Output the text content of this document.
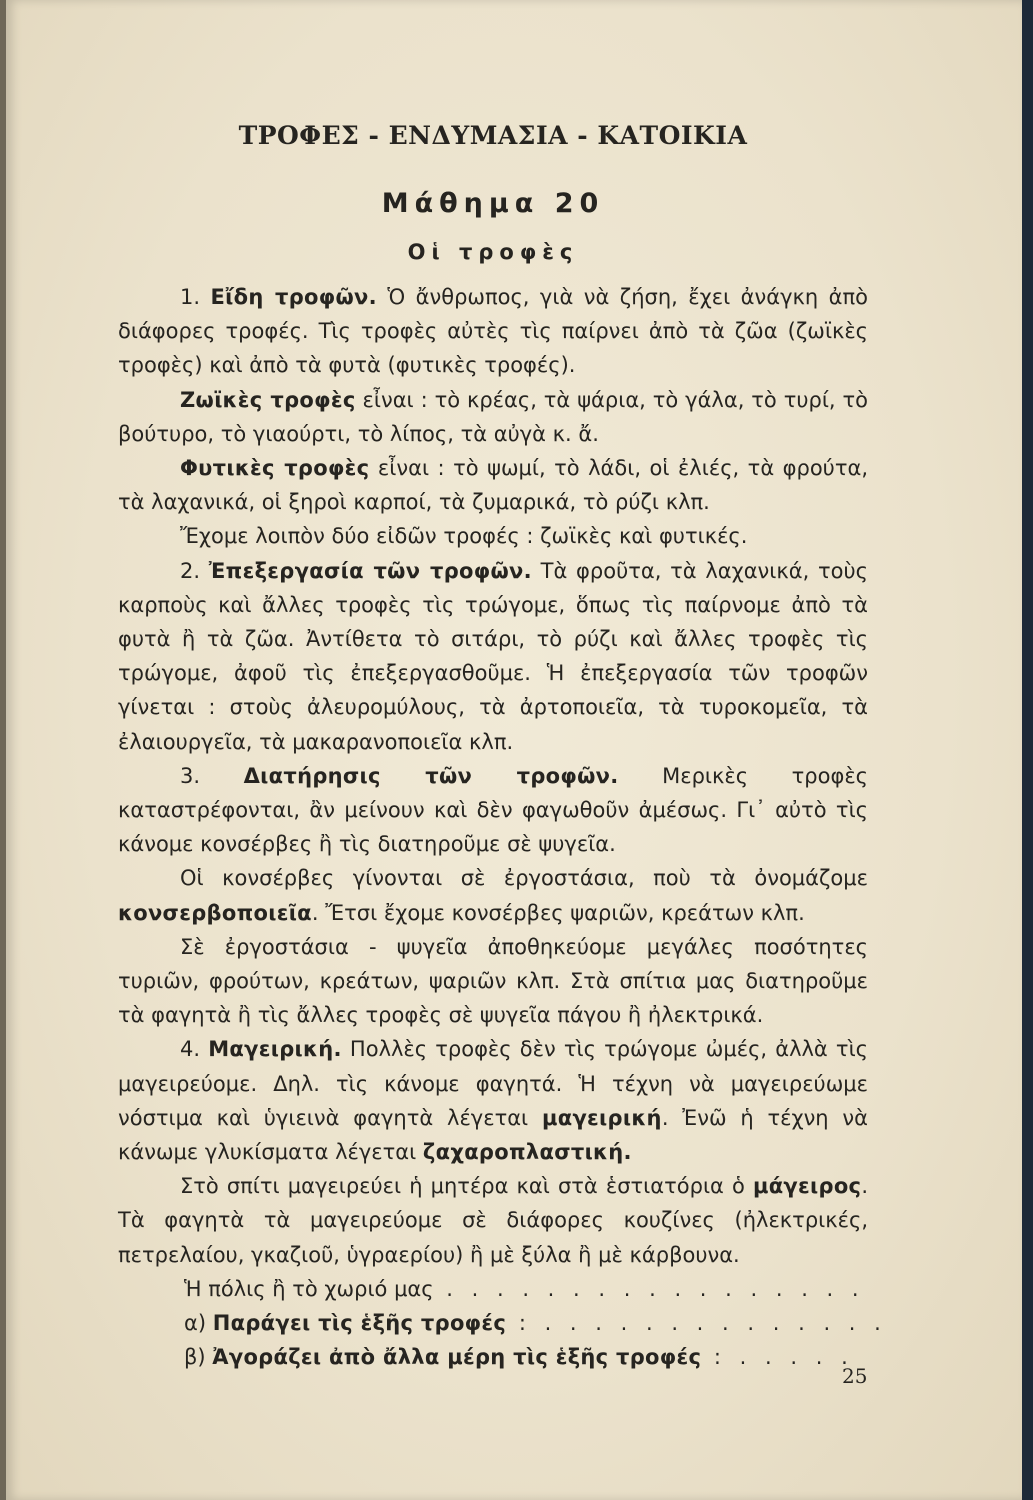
ΤΡΟΦΕΣ - ΕΝΔΥΜΑΣΙΑ - ΚΑΤΟΙΚΙΑ
Μάθημα 20
Οἱ τροφὲς

1. Εἴδη τροφῶν. Ὁ ἄνθρωπος, γιὰ νὰ ζήση, ἔχει ἀνάγκη ἀπὸ διάφορες τροφές. Τὶς τροφὲς αὐτὲς τὶς παίρνει ἀπὸ τὰ ζῶα (ζωϊκὲς τροφὲς) καὶ ἀπὸ τὰ φυτὰ (φυτικὲς τροφές).

Ζωϊκὲς τροφὲς εἶναι : τὸ κρέας, τὰ ψάρια, τὸ γάλα, τὸ τυρί, τὸ βούτυρο, τὸ γιαούρτι, τὸ λίπος, τὰ αὐγὰ κ. ἄ.

Φυτικὲς τροφὲς εἶναι : τὸ ψωμί, τὸ λάδι, οἱ ἐλιές, τὰ φρούτα, τὰ λαχανικά, οἱ ξηροὶ καρποί, τὰ ζυμαρικά, τὸ ρύζι κλπ.

Ἔχομε λοιπὸν δύο εἰδῶν τροφές : ζωϊκὲς καὶ φυτικές.

2. Ἐπεξεργασία τῶν τροφῶν. Τὰ φροῦτα, τὰ λαχανικά, τοὺς καρποὺς καὶ ἄλλες τροφὲς τὶς τρώγομε, ὅπως τὶς παίρνομε ἀπὸ τὰ φυτὰ ἢ τὰ ζῶα. Ἀντίθετα τὸ σιτάρι, τὸ ρύζι καὶ ἄλλες τροφὲς τὶς τρώγομε, ἀφοῦ τὶς ἐπεξεργασθοῦμε. Ἡ ἐπεξεργασία τῶν τροφῶν γίνεται : στοὺς ἀλευρομύλους, τὰ ἀρτοποιεῖα, τὰ τυροκομεῖα, τὰ ἐλαιουργεῖα, τὰ μακαρανοποιεῖα κλπ.

3. Διατήρησις τῶν τροφῶν. Μερικὲς τροφὲς καταστρέφονται, ἂν μείνουν καὶ δὲν φαγωθοῦν ἀμέσως. Γι᾽ αὐτὸ τὶς κάνομε κονσέρβες ἢ τὶς διατηροῦμε σὲ ψυγεῖα.

Οἱ κονσέρβες γίνονται σὲ ἐργοστάσια, ποὺ τὰ ὀνομάζομε κονσερβοποιεῖα. Ἔτσι ἔχομε κονσέρβες ψαριῶν, κρεάτων κλπ.

Σὲ ἐργοστάσια - ψυγεῖα ἀποθηκεύομε μεγάλες ποσότητες τυριῶν, φρούτων, κρεάτων, ψαριῶν κλπ. Στὰ σπίτια μας διατηροῦμε τὰ φαγητὰ ἢ τὶς ἄλλες τροφὲς σὲ ψυγεῖα πάγου ἢ ἠλεκτρικά.

4. Μαγειρική. Πολλὲς τροφὲς δὲν τὶς τρώγομε ὠμές, ἀλλὰ τὶς μαγειρεύομε. Δηλ. τὶς κάνομε φαγητά. Ἡ τέχνη νὰ μαγειρεύωμε νόστιμα καὶ ὑγιεινὰ φαγητὰ λέγεται μαγειρική. Ἐνῶ ἡ τέχνη νὰ κάνωμε γλυκίσματα λέγεται ζαχαροπλαστική.

Στὸ σπίτι μαγειρεύει ἡ μητέρα καὶ στὰ ἑστιατόρια ὁ μάγειρος. Τὰ φαγητὰ τὰ μαγειρεύομε σὲ διάφορες κουζίνες (ἠλεκτρικές, πετρελαίου, γκαζιοῦ, ὑγραερίου) ἢ μὲ ξύλα ἢ μὲ κάρβουνα.

Ἡ πόλις ἢ τὸ χωριό μας . . . . . . . . . . . . . . . . .
α) Παράγει τὶς ἑξῆς τροφές : . . . . . . . . . . . . . .
β) Ἀγοράζει ἀπὸ ἄλλα μέρη τὶς ἑξῆς τροφές : . . . . .
25
